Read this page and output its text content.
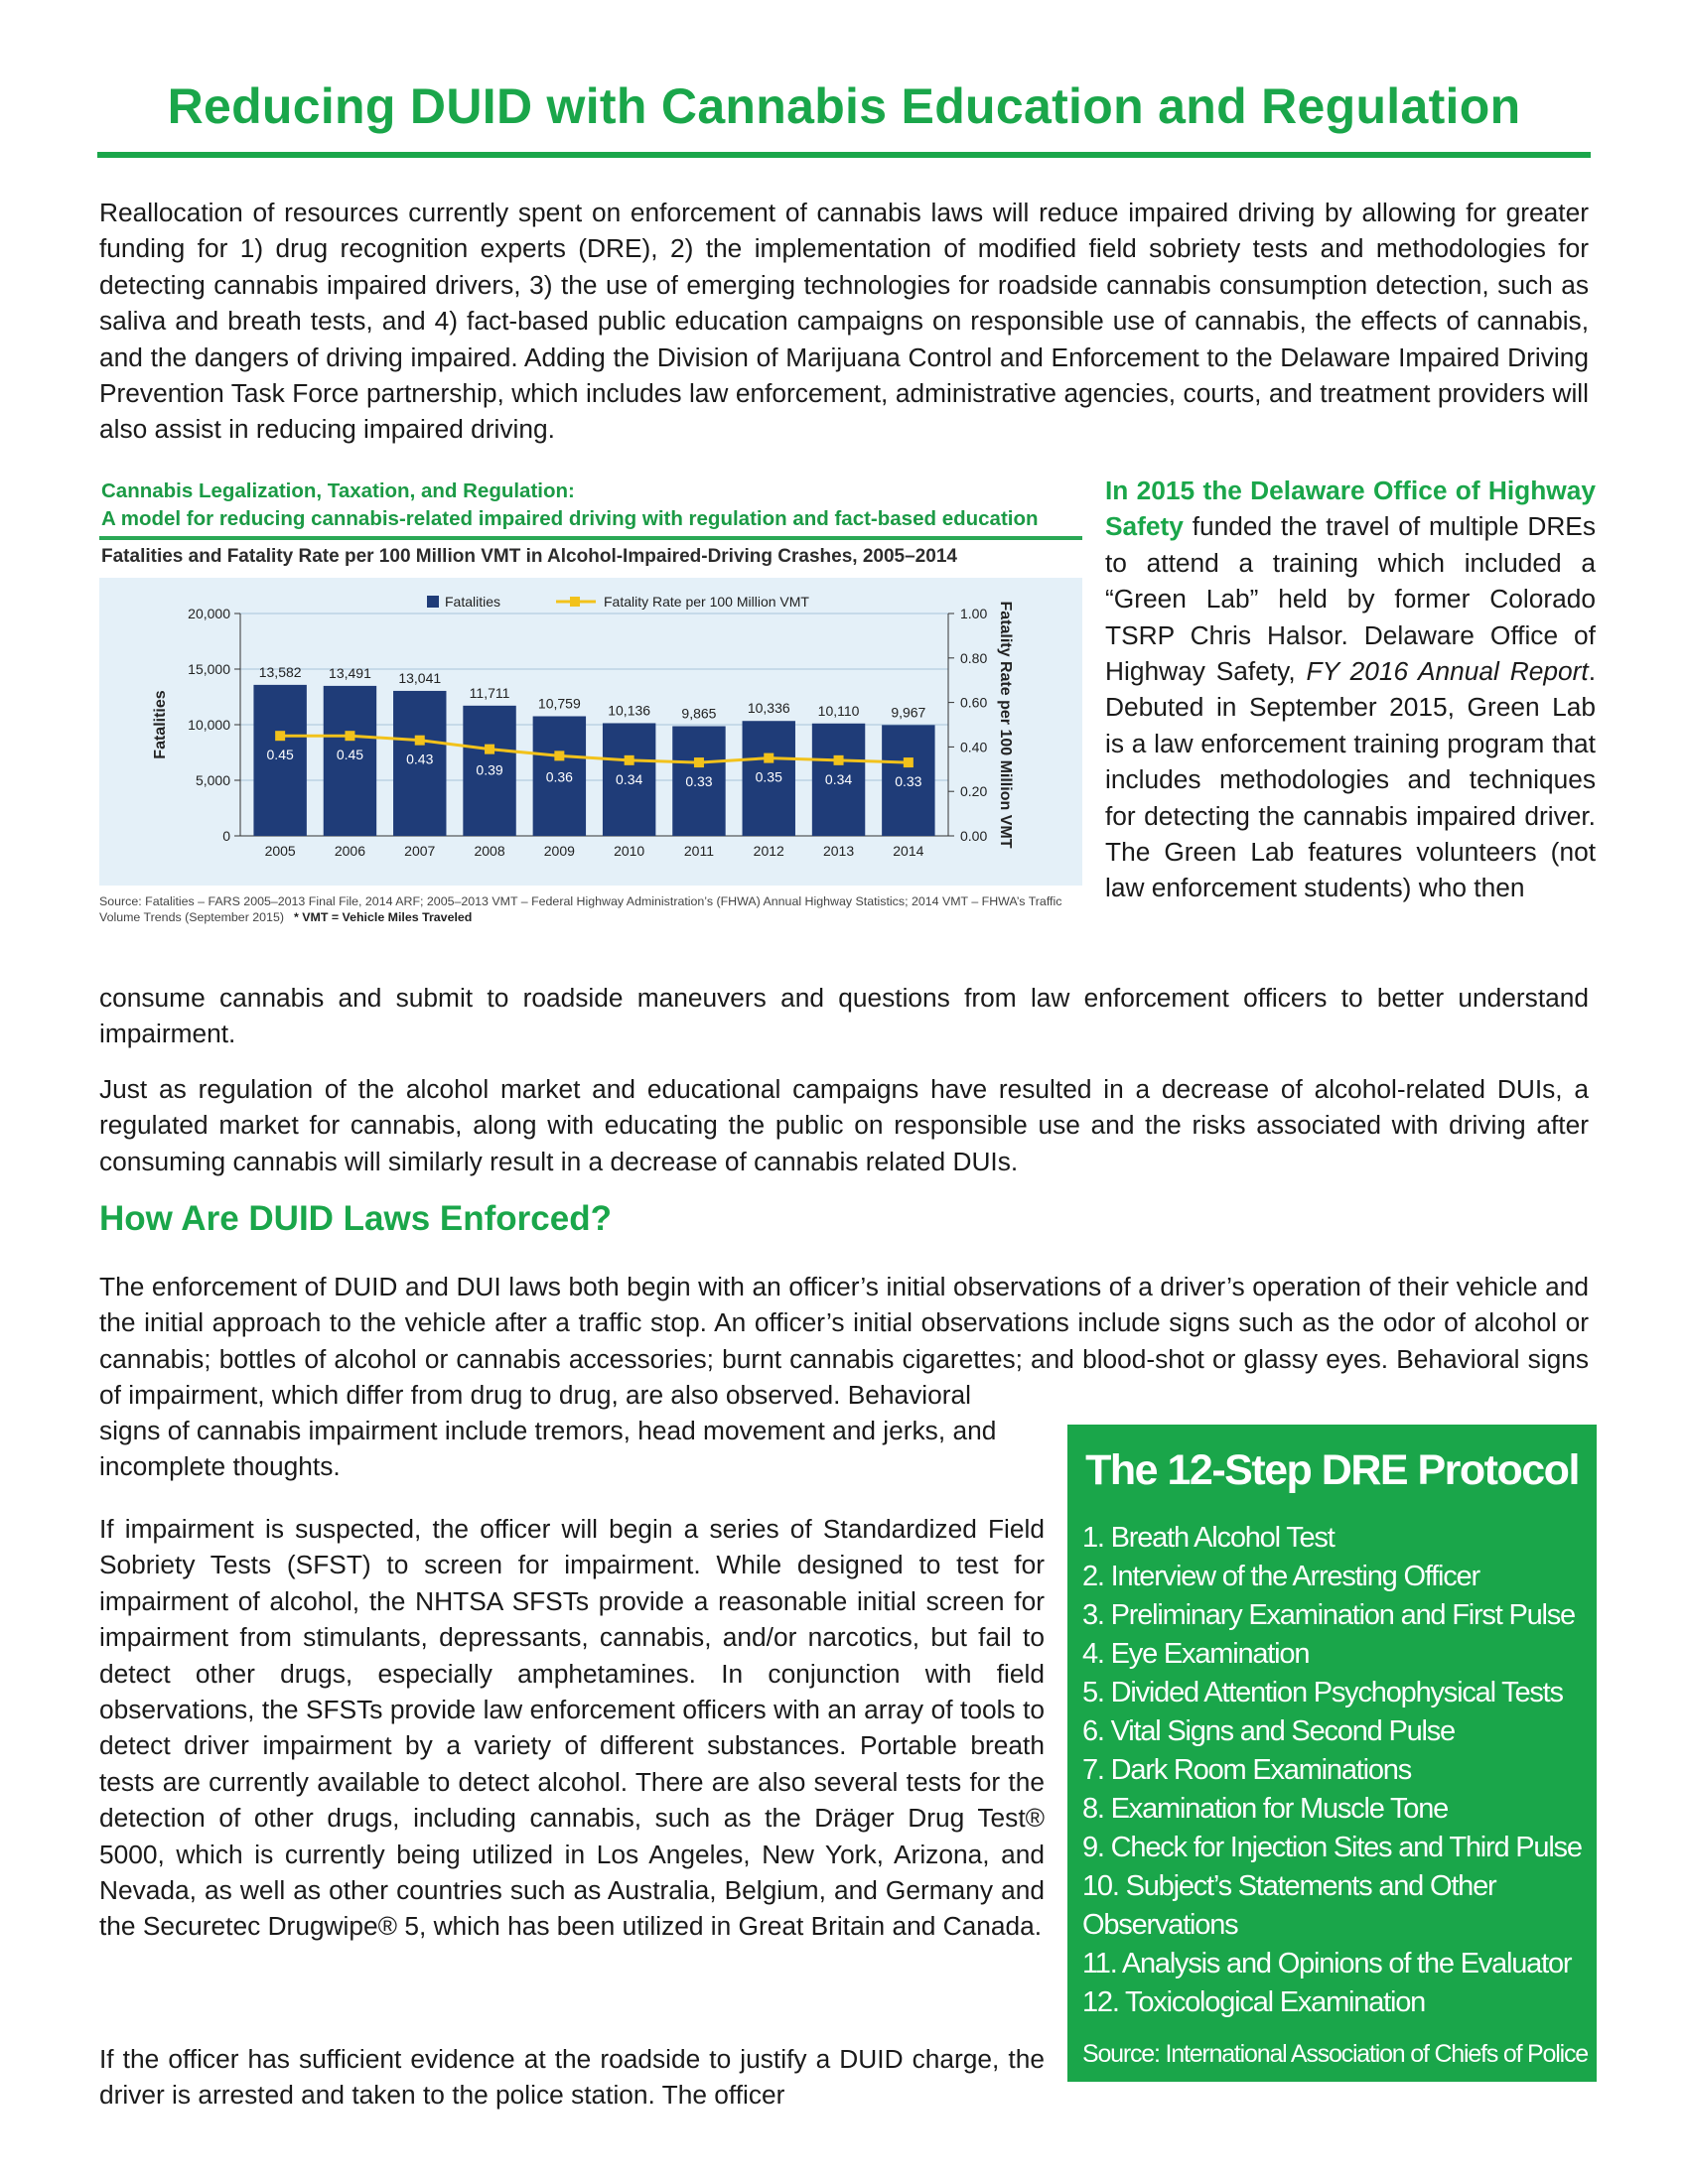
Reducing DUID with Cannabis Education and Regulation

Reallocation of resources currently spent on enforcement of cannabis laws will reduce impaired driving by allowing for greater funding for 1) drug recognition experts (DRE), 2) the implementation of modified field sobriety tests and methodologies for detecting cannabis impaired drivers, 3) the use of emerging technologies for roadside cannabis consumption detection, such as saliva and breath tests, and 4) fact-based public education campaigns on responsible use of cannabis, the effects of cannabis, and the dangers of driving impaired. Adding the Division of Marijuana Control and Enforcement to the Delaware Impaired Driving Prevention Task Force partnership, which includes law enforcement, administrative agencies, courts, and treatment providers will also assist in reducing impaired driving.

Cannabis Legalization, Taxation, and Regulation:

A model for reducing cannabis-related impaired driving with regulation and fact-based education

Fatalities and Fatality Rate per 100 Million VMT in Alcohol-Impaired-Driving Crashes, 2005–2014

0
5,000
10,000
15,000
20,000
0.00
0.20
0.40
0.60
0.80
1.00
Fatalities	Fatality Rate per 100 Million VMT
13,582
2005
13,491
2006
13,041
2007
11,711
2008
10,759
2009
10,136
2010
9,865
2011
10,336
2012
10,110
2013
9,967
2014
0.45	0.45	0.43
0.39	0.36	0.34	0.33	0.35	0.34	0.33
Fatalities	Fatality Rate per 100 Million VMT

Source: Fatalities – FARS 2005–2013 Final File, 2014 ARF; 2005–2013 VMT – Federal Highway Administration’s (FHWA) Annual Highway Statistics; 2014 VMT – FHWA’s Traffic Volume Trends (September 2015) * VMT = Vehicle Miles Traveled

In 2015 the Delaware Office of Highway Safety funded the travel of multiple DREs to attend a training which included a “Green Lab” held by former Colorado TSRP Chris Halsor. Delaware Office of Highway Safety, FY 2016 Annual Report. Debuted in September 2015, Green Lab is a law enforcement training program that includes methodologies and techniques for detecting the cannabis impaired driver. The Green Lab features volunteers (not law enforcement students) who then

consume cannabis and submit to roadside maneuvers and questions from law enforcement officers to better understand impairment.

Just as regulation of the alcohol market and educational campaigns have resulted in a decrease of alcohol-related DUIs, a regulated market for cannabis, along with educating the public on responsible use and the risks associated with driving after consuming cannabis will similarly result in a decrease of cannabis related DUIs.

How Are DUID Laws Enforced?

The enforcement of DUID and DUI laws both begin with an officer’s initial observations of a driver’s operation of their vehicle and the initial approach to the vehicle after a traffic stop. An officer’s initial observations include signs such as the odor of alcohol or cannabis; bottles of alcohol or cannabis accessories; burnt cannabis cigarettes; and blood-shot or glassy eyes. Behavioral signs of impairment, which differ from drug to drug, are also observed. Behavioral

signs of cannabis impairment include tremors, head movement and jerks, and incomplete thoughts.

If impairment is suspected, the officer will begin a series of Standardized Field Sobriety Tests (SFST) to screen for impairment. While designed to test for impairment of alcohol, the NHTSA SFSTs provide a reasonable initial screen for impairment from stimulants, depressants, cannabis, and/or narcotics, but fail to detect other drugs, especially amphetamines. In conjunction with field observations, the SFSTs provide law enforcement officers with an array of tools to detect driver impairment by a variety of different substances. Portable breath tests are currently available to detect alcohol. There are also several tests for the detection of other drugs, including cannabis, such as the Dräger Drug Test® 5000, which is currently being utilized in Los Angeles, New York, Arizona, and Nevada, as well as other countries such as Australia, Belgium, and Germany and the Securetec Drugwipe® 5, which has been utilized in Great Britain and Canada.

If the officer has sufficient evidence at the roadside to justify a DUID charge, the driver is arrested and taken to the police station. The officer

The 12-Step DRE Protocol
1. Breath Alcohol Test
2. Interview of the Arresting Officer
3. Preliminary Examination and First Pulse
4. Eye Examination
5. Divided Attention Psychophysical Tests
6. Vital Signs and Second Pulse
7. Dark Room Examinations
8. Examination for Muscle Tone
9. Check for Injection Sites and Third Pulse
10. Subject’s Statements and Other Observations
11. Analysis and Opinions of the Evaluator
12. Toxicological Examination

Source: International Association of Chiefs of Police
